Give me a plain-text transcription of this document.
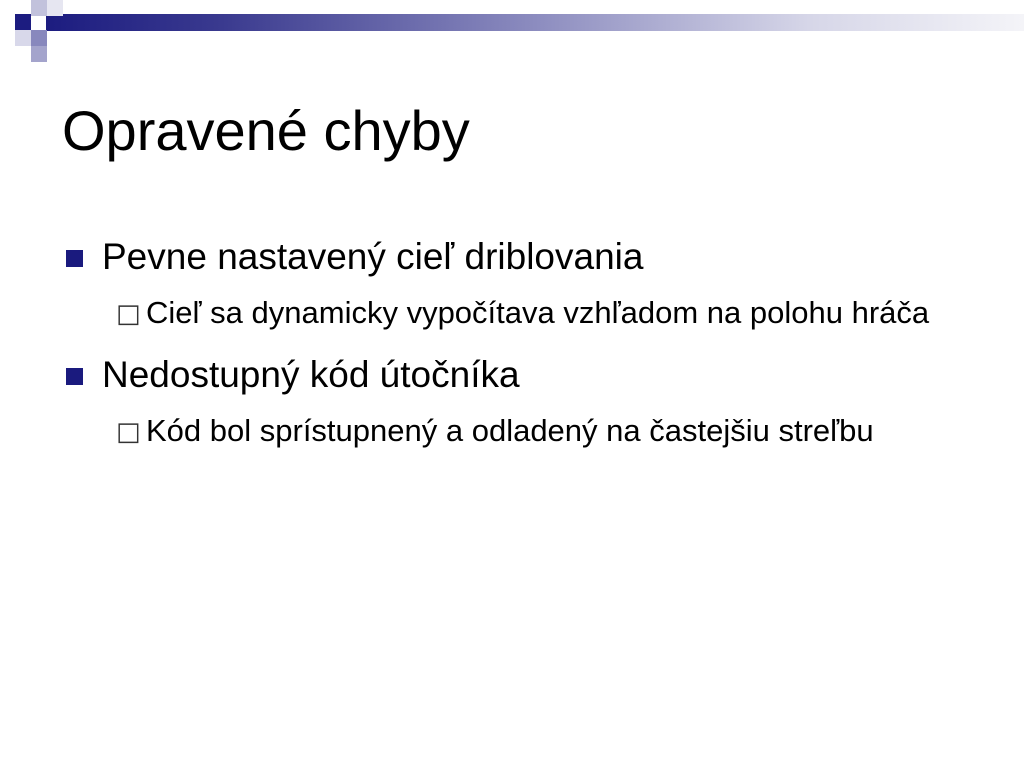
Opravené chyby
Pevne nastavený cieľ driblovania
□ Cieľ sa dynamicky vypočítava vzhľadom na polohu hráča
Nedostupný kód útočníka
□ Kód bol sprístupnený a odladený na častejšiu streľbu
